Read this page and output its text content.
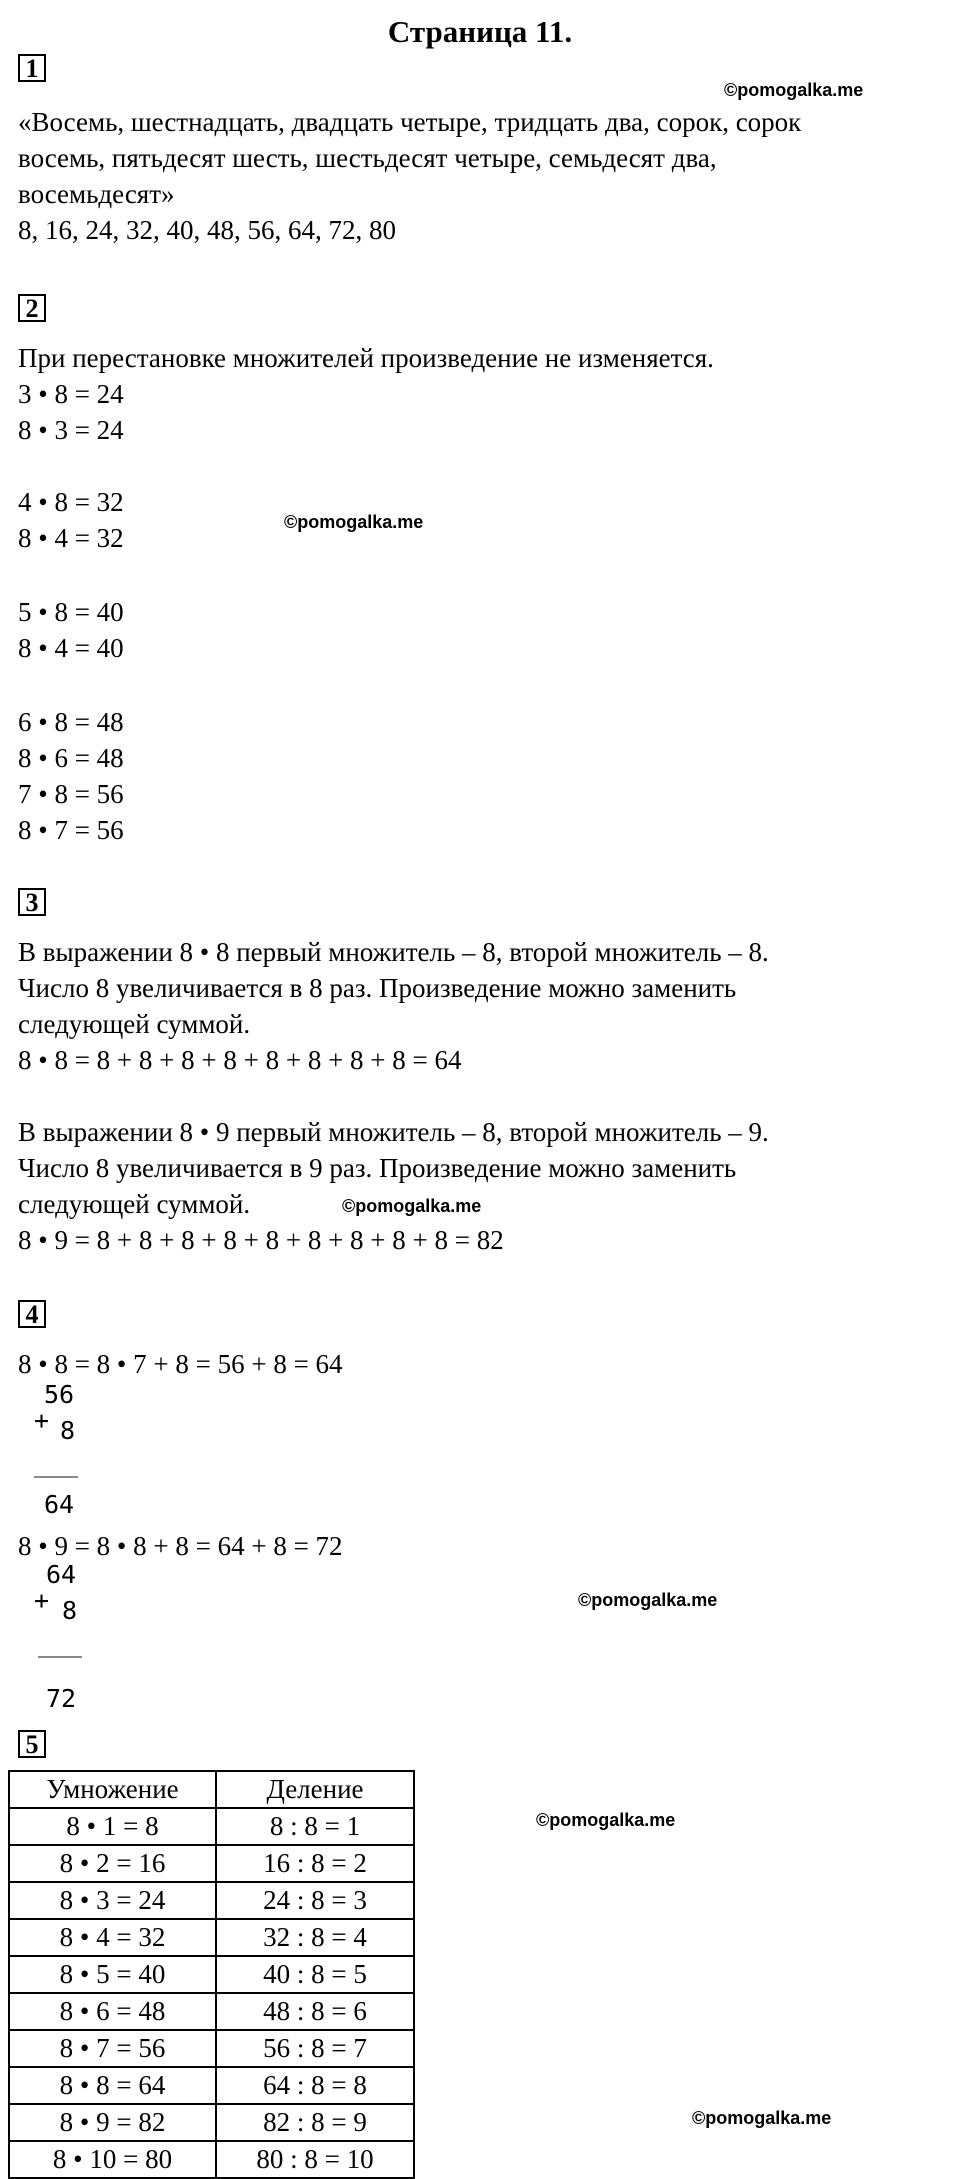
Страница 11.
1
©pomogalka.me
«Восемь, шестнадцать, двадцать четыре, тридцать два, сорок, сорок
восемь, пятьдесят шесть, шестьдесят четыре, семьдесят два,
восемьдесят»
8, 16, 24, 32, 40, 48, 56, 64, 72, 80
2
При перестановке множителей произведение не изменяется.
3 • 8 = 24
8 • 3 = 24
4 • 8 = 32
8 • 4 = 32
©pomogalka.me
5 • 8 = 40
8 • 4 = 40
6 • 8 = 48
8 • 6 = 48
7 • 8 = 56
8 • 7 = 56
3
В выражении 8 • 8 первый множитель – 8, второй множитель – 8.
Число 8 увеличивается в 8 раз. Произведение можно заменить
следующей суммой.
8 • 8 = 8 + 8 + 8 + 8 + 8 + 8 + 8 + 8 = 64
В выражении 8 • 9 первый множитель – 8, второй множитель – 9.
Число 8 увеличивается в 9 раз. Произведение можно заменить
следующей суммой.	©pomogalka.me
8 • 9 = 8 + 8 + 8 + 8 + 8 + 8 + 8 + 8 + 8 = 82
4
8 • 8 = 8 • 7 + 8 = 56 + 8 = 64
+
56
8
64
8 • 9 = 8 • 8 + 8 = 64 + 8 = 72
+
64
8	©pomogalka.me
72
5
©pomogalka.me
©pomogalka.me
Умножение	Деление
8 • 1 = 8	8 : 8 = 1
8 • 2 = 16	16 : 8 = 2
8 • 3 = 24	24 : 8 = 3
8 • 4 = 32	32 : 8 = 4
8 • 5 = 40	40 : 8 = 5
8 • 6 = 48	48 : 8 = 6
8 • 7 = 56	56 : 8 = 7
8 • 8 = 64	64 : 8 = 8
8 • 9 = 82	82 : 8 = 9
8 • 10 = 80	80 : 8 = 10
